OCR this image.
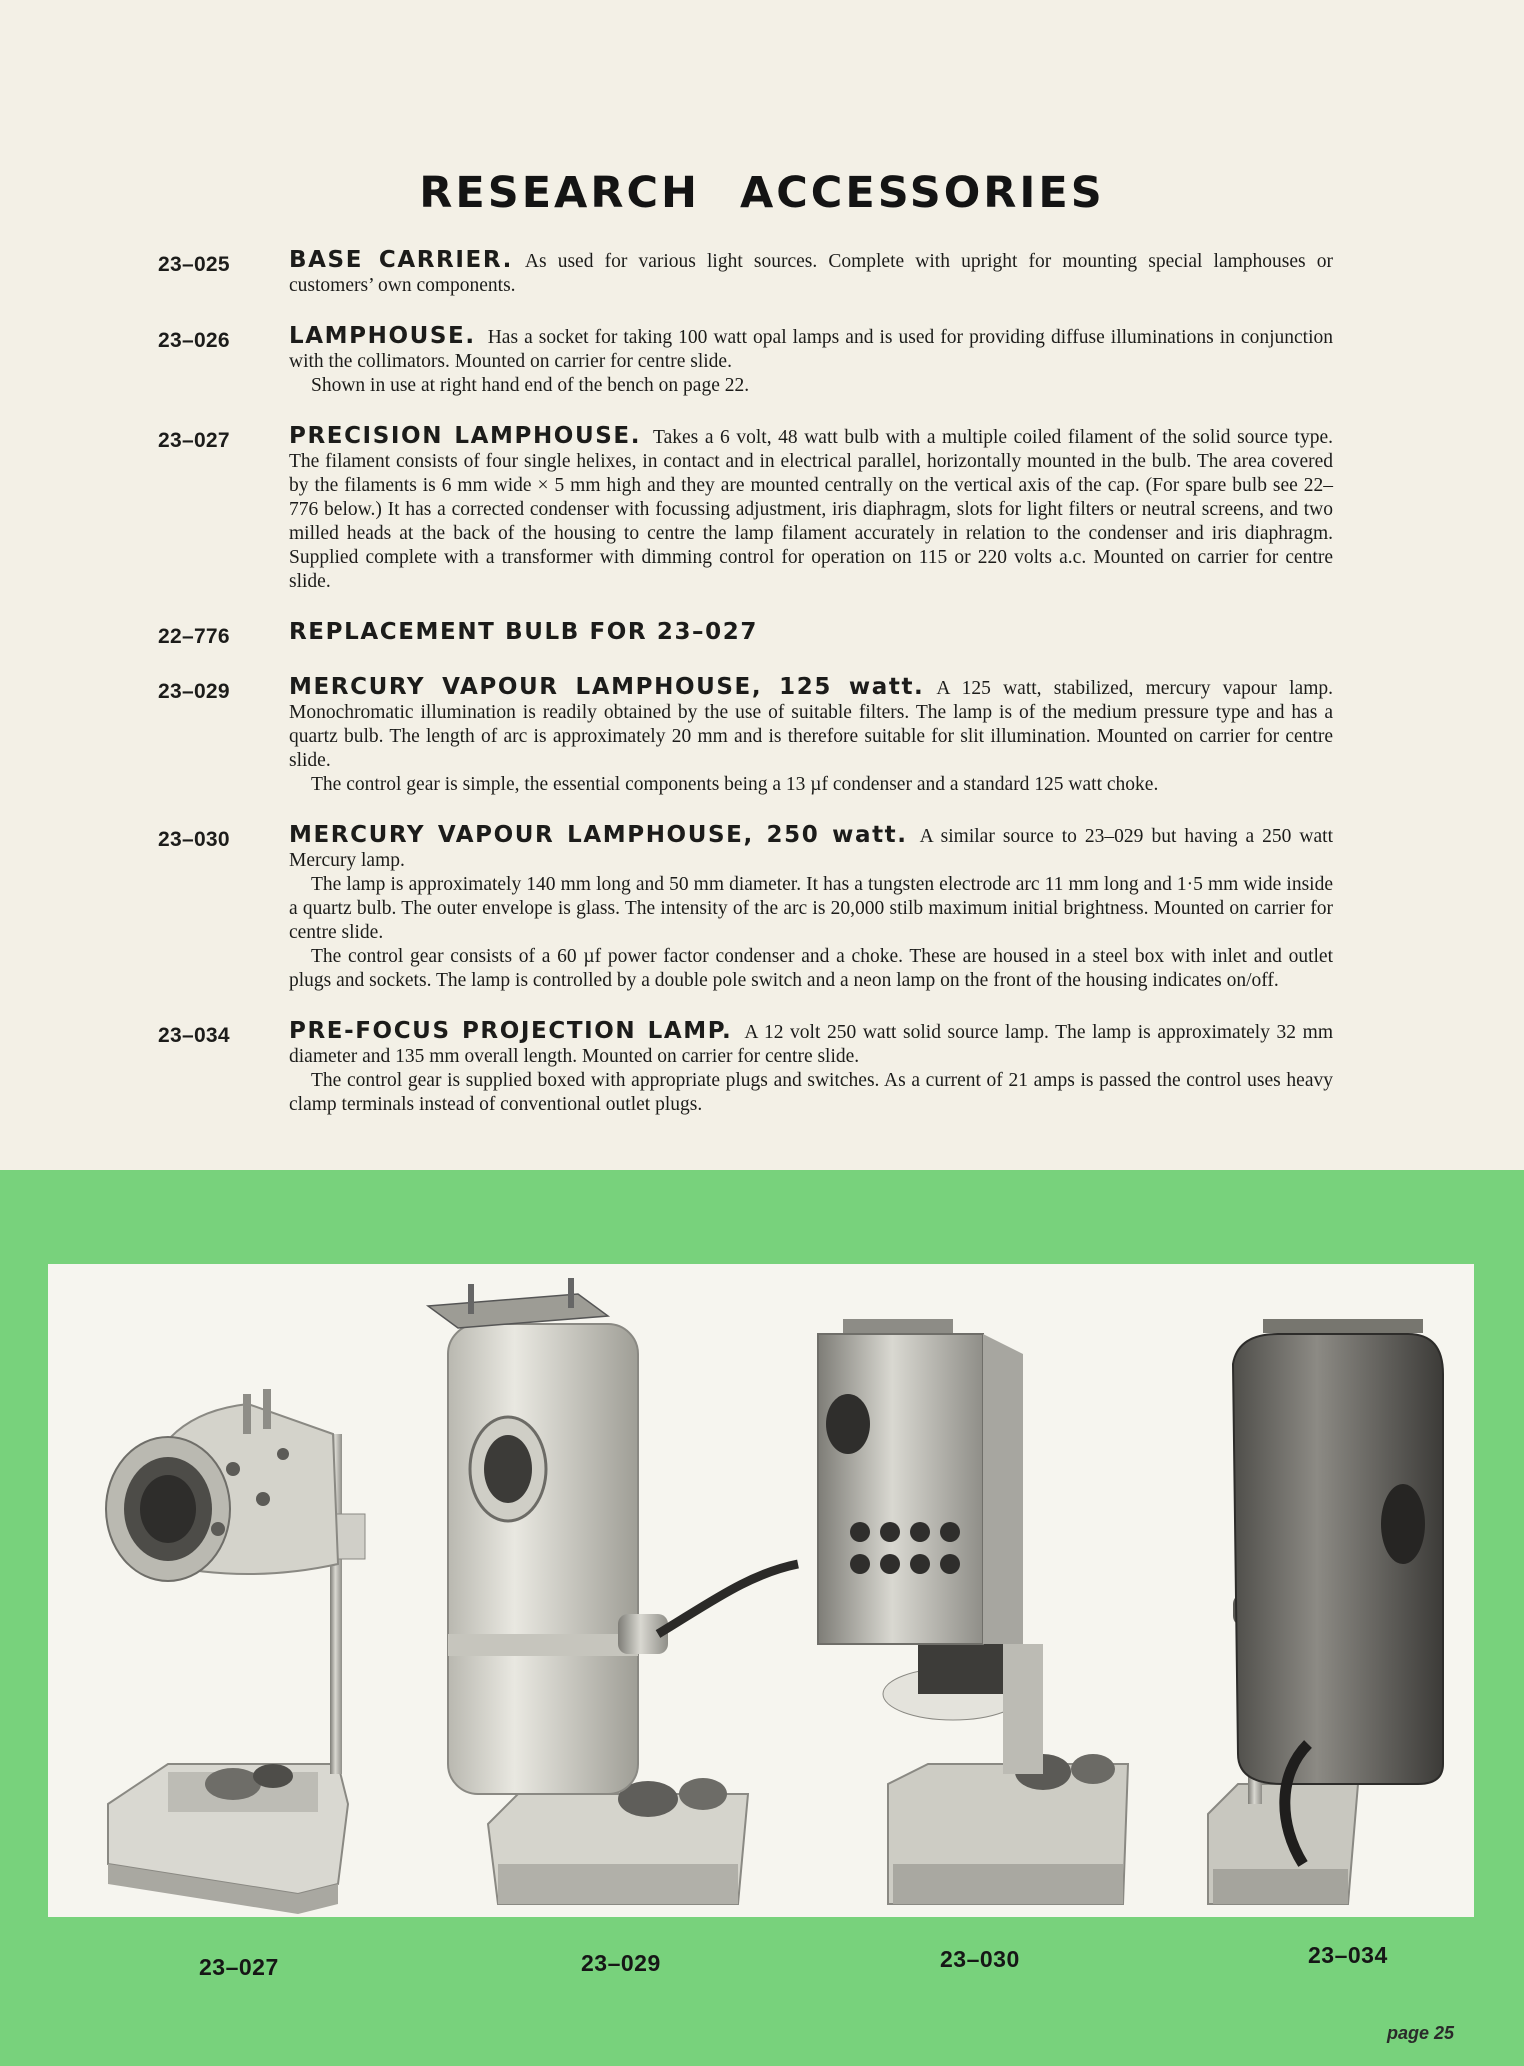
RESEARCH ACCESSORIES
23–025	BASE CARRIER. As used for various light sources. Complete with upright for mounting special lamphouses or customers’ own components.

23–026	LAMPHOUSE. Has a socket for taking 100 watt opal lamps and is used for providing diffuse illuminations in conjunction with the collimators. Mounted on carrier for centre slide.

Shown in use at right hand end of the bench on page 22.

23–027	PRECISION LAMPHOUSE. Takes a 6 volt, 48 watt bulb with a multiple coiled filament of the solid source type. The filament consists of four single helixes, in contact and in electrical parallel, horizontally mounted in the bulb. The area covered by the filaments is 6 mm wide × 5 mm high and they are mounted centrally on the vertical axis of the cap. (For spare bulb see 22–776 below.) It has a corrected condenser with focussing adjustment, iris diaphragm, slots for light filters or neutral screens, and two milled heads at the back of the housing to centre the lamp filament accurately in relation to the condenser and iris diaphragm. Supplied complete with a transformer with dimming control for operation on 115 or 220 volts a.c. Mounted on carrier for centre slide.

22–776	REPLACEMENT BULB FOR 23–027

23–029	MERCURY VAPOUR LAMPHOUSE, 125 watt. A 125 watt, stabilized, mercury vapour lamp. Monochromatic illumination is readily obtained by the use of suitable filters. The lamp is of the medium pressure type and has a quartz bulb. The length of arc is approximately 20 mm and is therefore suitable for slit illumination. Mounted on carrier for centre slide.

The control gear is simple, the essential components being a 13 µf condenser and a standard 125 watt choke.

23–030	MERCURY VAPOUR LAMPHOUSE, 250 watt. A similar source to 23–029 but having a 250 watt Mercury lamp.

The lamp is approximately 140 mm long and 50 mm diameter. It has a tungsten electrode arc 11 mm long and 1·5 mm wide inside a quartz bulb. The outer envelope is glass. The intensity of the arc is 20,000 stilb maximum initial brightness. Mounted on carrier for centre slide.

The control gear consists of a 60 µf power factor condenser and a choke. These are housed in a steel box with inlet and outlet plugs and sockets. The lamp is controlled by a double pole switch and a neon lamp on the front of the housing indicates on/off.

23–034	PRE-FOCUS PROJECTION LAMP. A 12 volt 250 watt solid source lamp. The lamp is approximately 32 mm diameter and 135 mm overall length. Mounted on carrier for centre slide.

The control gear is supplied boxed with appropriate plugs and switches. As a current of 21 amps is passed the control uses heavy clamp terminals instead of conventional outlet plugs.

23–027	23–029	23–030	23–034
page 25
